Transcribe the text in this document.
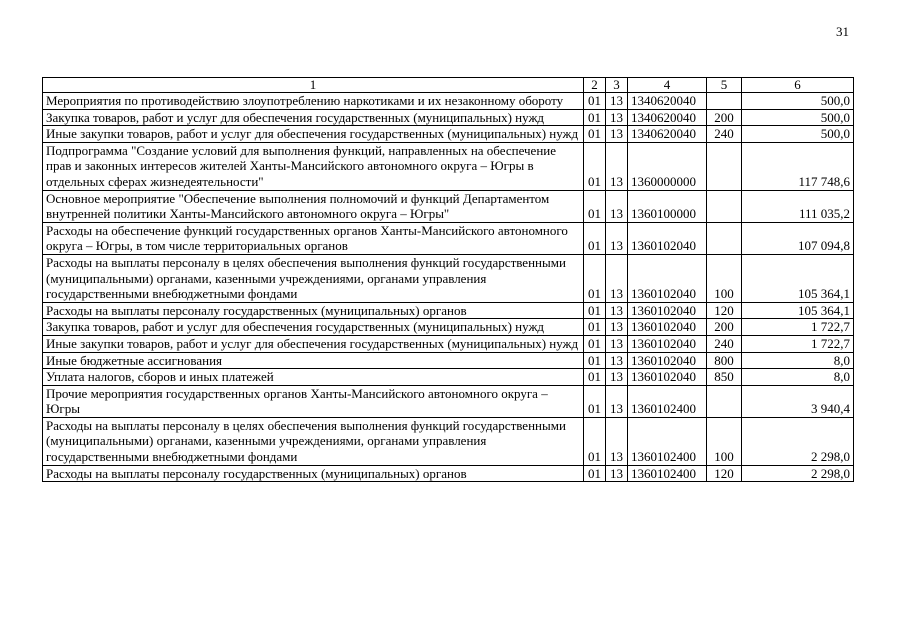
31
1	2	3	4	5	6
Мероприятия по противодействию злоупотреблению наркотиками и их незаконному обороту	01	13	1340620040		500,0
Закупка товаров, работ и услуг для обеспечения государственных (муниципальных) нужд	01	13	1340620040	200	500,0
Иные закупки товаров, работ и услуг для обеспечения государственных (муниципальных) нужд	01	13	1340620040	240	500,0
Подпрограмма "Создание условий для выполнения функций, направленных на обеспечение прав и законных интересов жителей Ханты-Мансийского автономного округа – Югры в отдельных сферах жизнедеятельности"	01	13	1360000000		117 748,6
Основное мероприятие "Обеспечение выполнения полномочий и функций Департаментом внутренней политики Ханты-Мансийского автономного округа – Югры"	01	13	1360100000		111 035,2
Расходы на обеспечение функций государственных органов Ханты-Мансийского автономного округа – Югры, в том числе территориальных органов	01	13	1360102040		107 094,8
Расходы на выплаты персоналу в целях обеспечения выполнения функций государственными (муниципальными) органами, казенными учреждениями, органами управления государственными внебюджетными фондами	01	13	1360102040	100	105 364,1
Расходы на выплаты персоналу государственных (муниципальных) органов	01	13	1360102040	120	105 364,1
Закупка товаров, работ и услуг для обеспечения государственных (муниципальных) нужд	01	13	1360102040	200	1 722,7
Иные закупки товаров, работ и услуг для обеспечения государственных (муниципальных) нужд	01	13	1360102040	240	1 722,7
Иные бюджетные ассигнования	01	13	1360102040	800	8,0
Уплата налогов, сборов и иных платежей	01	13	1360102040	850	8,0
Прочие мероприятия государственных органов Ханты-Мансийского автономного округа – Югры	01	13	1360102400		3 940,4
Расходы на выплаты персоналу в целях обеспечения выполнения функций государственными (муниципальными) органами, казенными учреждениями, органами управления государственными внебюджетными фондами	01	13	1360102400	100	2 298,0
Расходы на выплаты персоналу государственных (муниципальных) органов	01	13	1360102400	120	2 298,0
